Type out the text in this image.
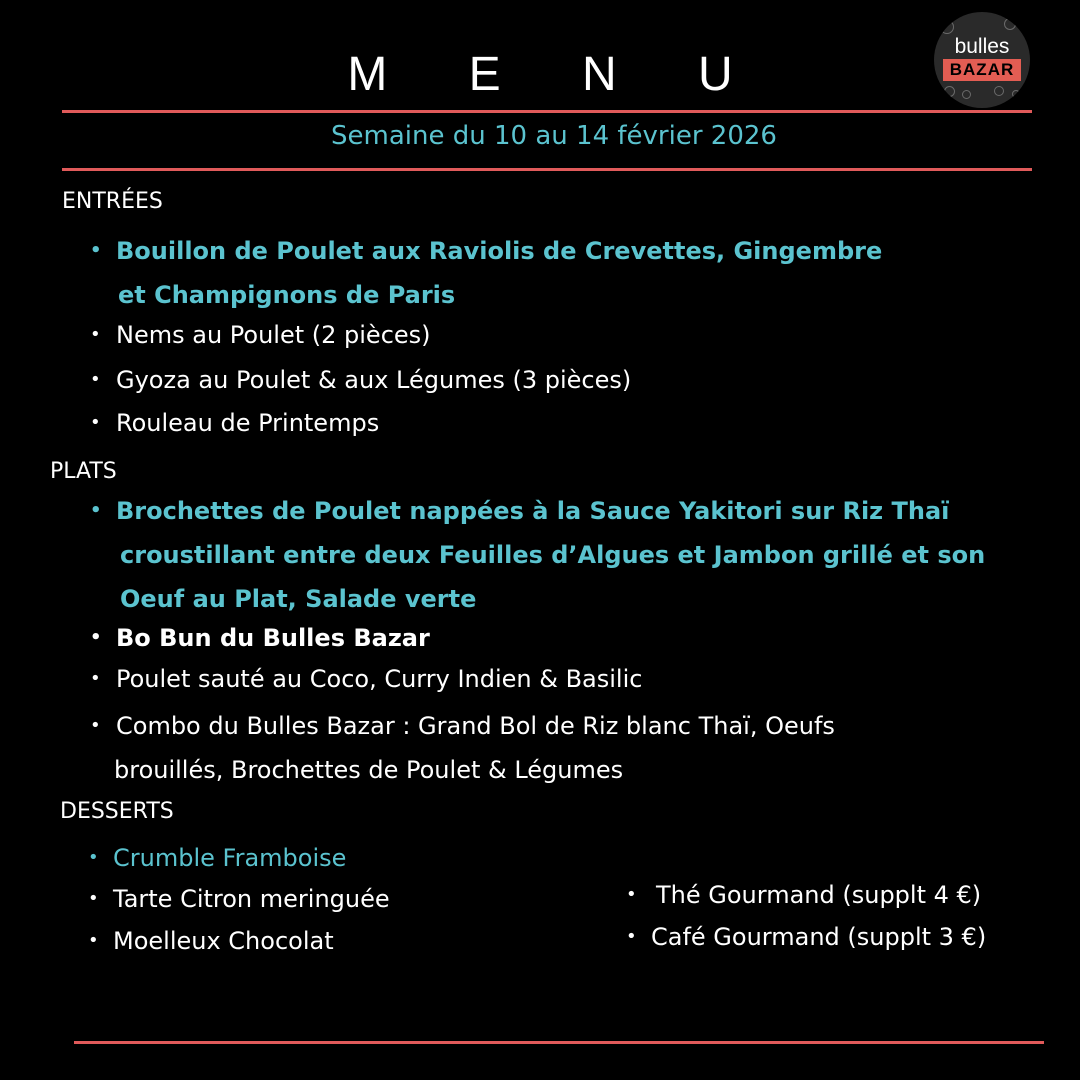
M E N U
bulles
BAZAR
Semaine du 10 au 14 février 2026
ENTRÉES
• Bouillon de Poulet aux Raviolis de Crevettes, Gingembre
et Champignons de Paris
• Nems au Poulet (2 pièces)
• Gyoza au Poulet & aux Légumes (3 pièces)
• Rouleau de Printemps
PLATS
• Brochettes de Poulet nappées à la Sauce Yakitori sur Riz Thaï
croustillant entre deux Feuilles d’Algues et Jambon grillé et son
Oeuf au Plat, Salade verte
• Bo Bun du Bulles Bazar
• Poulet sauté au Coco, Curry Indien & Basilic
• Combo du Bulles Bazar : Grand Bol de Riz blanc Thaï, Oeufs
brouillés, Brochettes de Poulet & Légumes
DESSERTS
• Crumble Framboise
• Tarte Citron meringuée
• Moelleux Chocolat
• Thé Gourmand (supplt 4 €)
• Café Gourmand (supplt 3 €)
